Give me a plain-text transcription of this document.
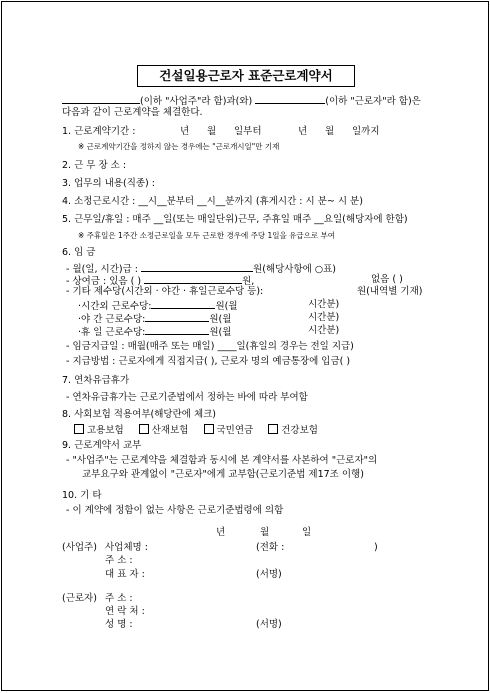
건설일용근로자 표준근로계약서
(이하 "사업주"라 함)과(와)	(이하 "근로자"라 함)은
다음과 같이 근로계약을 체결한다.
1. 근로계약기간 :	년 월 일부터	년 월 일까지
※ 근로계약기간을 정하지 않는 경우에는 "근로개시일"만 기재
2. 근 무 장 소 :
3. 업무의 내용(직종) :
4. 소정근로시간 : __시__분부터 __시__분까지 (휴게시간 : 시 분~ 시 분)
5. 근무일/휴일 : 매주 __일(또는 매일단위)근무, 주휴일 매주 __요일(해당자에 한함)
※ 주휴일은 1주간 소정근로일을 모두 근로한 경우에 주당 1일을 유급으로 부여
6. 임 금
- 월(일, 시간)급 :	원(해당사항에 ○표)
- 상여금 : 있음 ( )	원,	없음 ( )
- 기타 제수당(시간외 · 야간 · 휴일근로수당 등):	원(내역별 기재)
·시간외 근로수당:	원(월	시간분)
·야 간 근로수당:	원(월	시간분)
·휴 일 근로수당:	원(월	시간분)
- 임금지급일 : 매월(매주 또는 매일) ____일(휴일의 경우는 전일 지급)
- 지급방법 : 근로자에게 직접지급( ), 근로자 명의 예금통장에 입금( )
7. 연차유급휴가
- 연차유급휴가는 근로기준법에서 정하는 바에 따라 부여함
8. 사회보험 적용여부(해당란에 체크)
고용보험	산재보험	국민연금	건강보험
9. 근로계약서 교부
- "사업주"는 근로계약을 체결함과 동시에 본 계약서를 사본하여 "근로자"의
교부요구와 관계없이 "근로자"에게 교부함(근로기준법 제17조 이행)
10. 기 타
- 이 계약에 정함이 없는 사항은 근로기준법령에 의함
년	월	일
(사업주) 사업체명 :	(전화 :	)
주 소 :
대 표 자 :	(서명)
(근로자) 주 소 :
연 락 처 :
성 명 :	(서명)
